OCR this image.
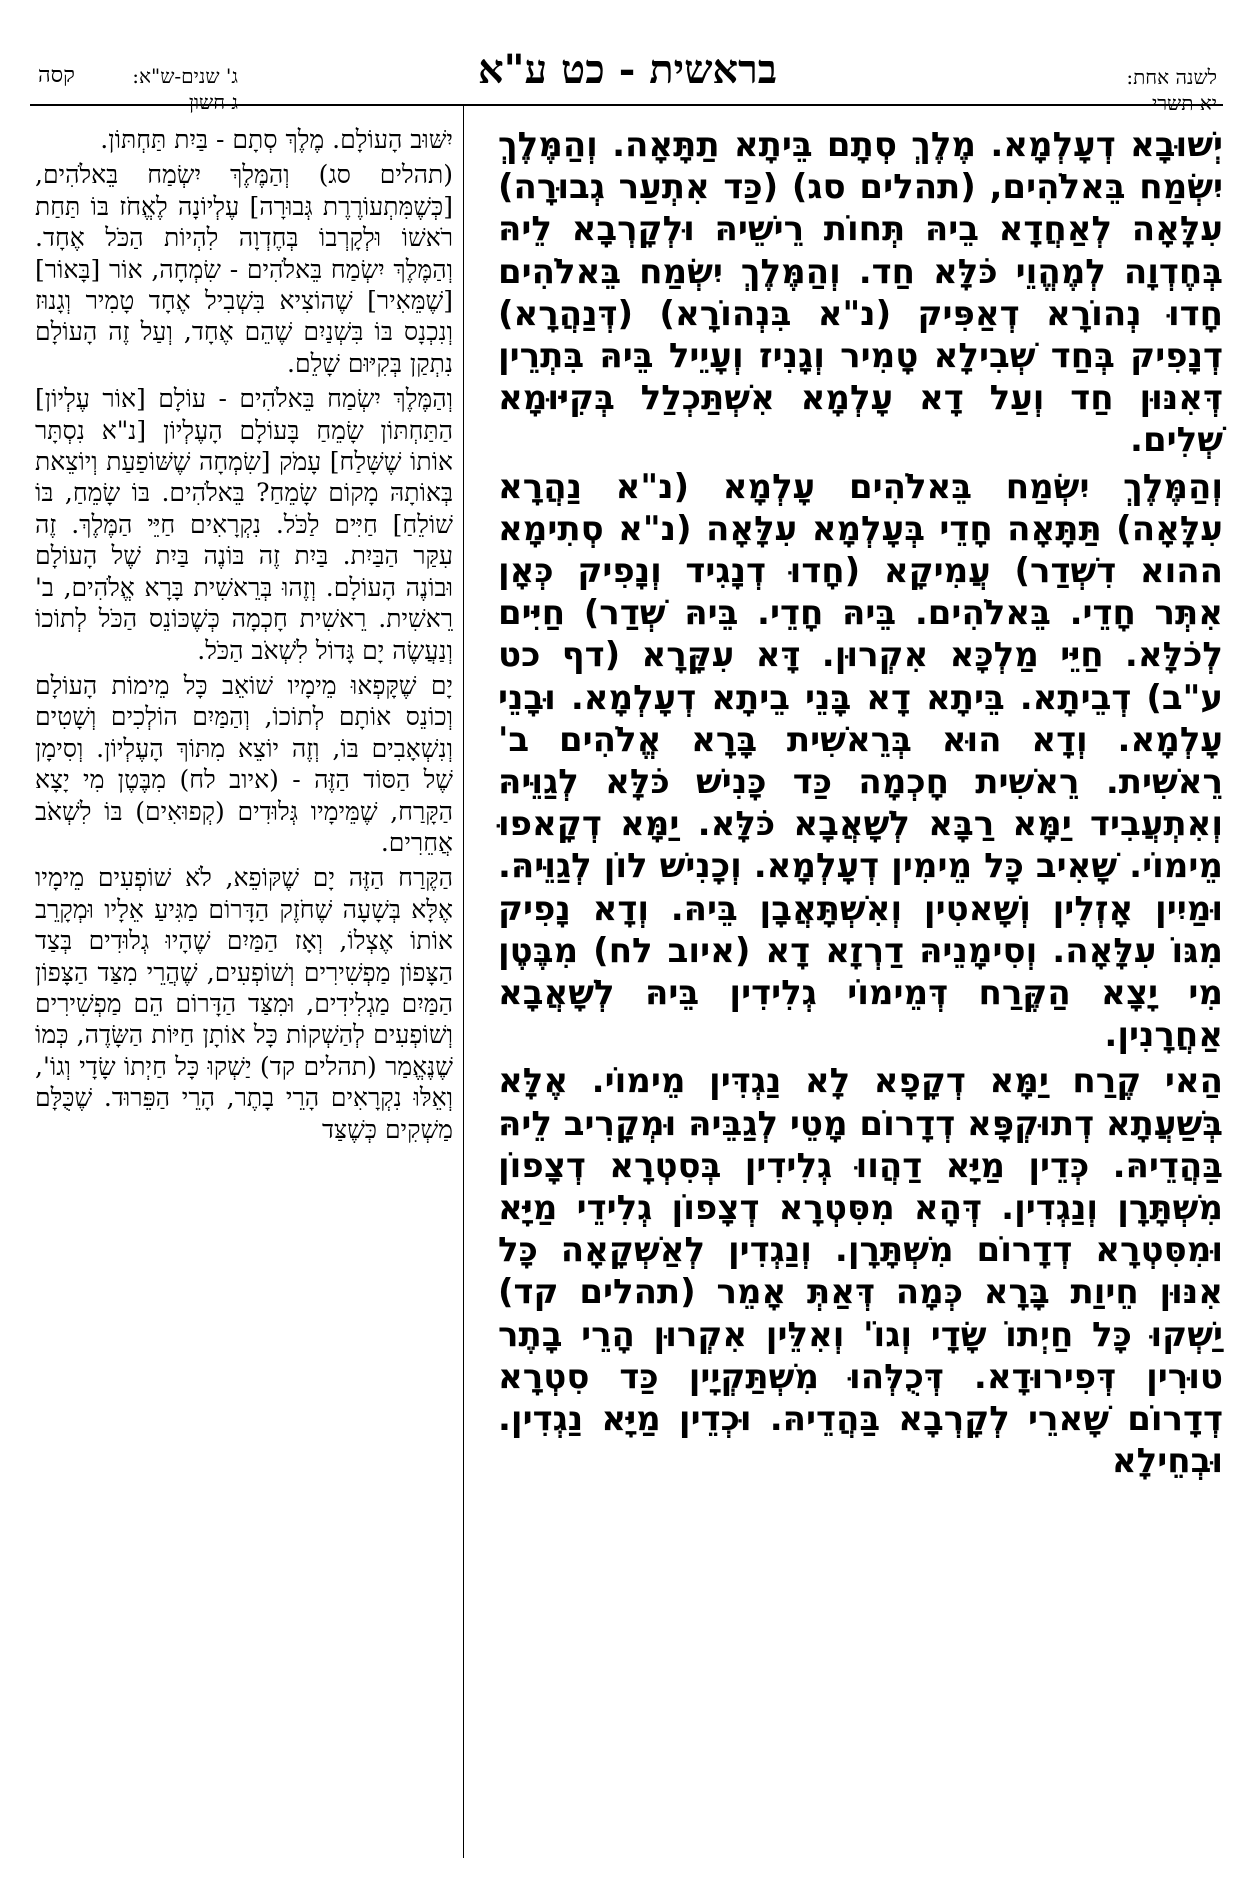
לשנה אחת:
יא תשרי
בראשית - כט ע"א
קסה	ג' שנים-ש"א:
ג חשון

יְשׁוּבָא דְעָלְמָא. מֶלֶךְ סְתָם בֵּיתָא תַתָּאָה. וְהַמֶּלֶךְ יִשְׂמַח בֵּאלֹהִים, (תהלים סג) (כַּד אִתְעַר גְבוּרָה) עִלָּאָה לְאַחֲדָא בֵיהּ תְּחוֹת רֵישֵׁיהּ וּלְקָרְבָא לֵיהּ בְּחֶדְוָה לְמֶהֱוֵי כֹּלָּא חַד. וְהַמֶּלֶךְ יִשְׂמַח בֵּאלֹהִים חָדוּ נְהוֹרָא דְאַפִּיק (נ"א בִּנְהוֹרָא) (דְּנַהֲרָא) דְנָפִיק בְּחַד שְׁבִילָא טָמִיר וְגָנִיז וְעָיֵיל בֵּיהּ בִּתְרֵין דְּאִנּוּן חַד וְעַל דָא עָלְמָא אִשְׁתַּכְלַל בְּקִיּוּמָא שְׁלִים.

וְהַמֶּלֶךְ יִשְׂמַח בֵּאלֹהִים עָלְמָא (נ"א נַהֲרָא עִלָּאָה) תַּתָּאָה חָדֵי בְּעָלְמָא עִלָּאָה (נ"א סְתִימָא ההוא דִשְׁדַר) עֲמִיקָא (חָדוּ דְנָגִיד וְנָפִיק כְּאָן אִתְּר חָדֵי. בֵּאלֹהִים. בֵּיהּ חָדֵי. בֵּיהּ שְׁדַר) חַיִּים לְכֹלָּא. חַיֵּי מַלְכָּא אִקְרוּן. דָּא עִקָּרָא (דף כט ע"ב) דְבֵיתָא. בֵּיתָא דָא בָּנֵי בֵיתָא דְעָלְמָא. וּבָנֵי עָלְמָא. וְדָא הוּא בְּרֵאשִׁית בָּרָא אֱלֹהִים ב' רֵאשִׁית. רֵאשִׁית חָכְמָה כַּד כָּנִישׁ כֹּלָּא לְגַוֵּיהּ וְאִתְעֲבִיד יַמָּא רַבָּא לְשָׁאֲבָא כֹּלָּא. יַמָּא דְקָאפוּ מֵימוֹי. שָׁאִיב כָּל מֵימִין דְעָלְמָא. וְכָנִישׁ לוֹן לְגַוֵּיהּ. וּמַיִין אָזְלִין וְשָׁאטִין וְאִשְׁתָּאֲבָן בֵּיהּ. וְדָא נָפִיק מִגּוֹ עִלָּאָה. וְסִימָנֵיהּ דַרְזָא דָא (איוב לח) מִבֶּטֶן מִי יָצָא הַקֶּרַח דְּמֵימוֹי גְלִידִין בֵּיהּ לְשָׁאֲבָא אַחֲרָנִין.

הַאי קֶרַח יַמָּא דְקָפָא לָא נַגְדִּין מֵימוֹי. אֶלָּא בְּשַׁעֲתָא דְתוּקְפָּא דְדָרוֹם מָטֵי לְגַבֵּיהּ וּמְקָרִיב לֵיהּ בַּהֲדֵיהּ. כְּדֵין מַיָּא דַהֲווּ גְלִידִין בְּסִטְרָא דְצָפוֹן מִשְׁתָּרָן וְנַגְדִין. דְּהָא מִסִּטְרָא דְצָפוֹן גְלִידֵי מַיָּא וּמִסִּטְרָא דְדָרוֹם מִשְׁתָּרָן. וְנַגְדִין לְאַשְׁקָאָה כָּל אִנּוּן חֵיוַת בָּרָא כְּמָה דְּאַתְּ אָמֵר (תהלים קד) יַשְׁקוּ כָּל חַיְתוֹ שָׂדָי וְגוֹ' וְאִלֵּין אִקְרוּן הָרֵי בָתֶר טוּרִין דְּפִירוּדָא. דְּכֻלְּהוּ מִשְׁתַּקְיָין כַּד סִטְרָא דְדָרוֹם שָׁארֵי לְקָרְבָא בַּהֲדֵיהּ. וּכְדֵין מַיָּא נַגְדִין. וּבְחֵילָא

יִשּׁוּב הָעוֹלָם. מֶלֶךְ סְתָם - בַּיִת תַּחְתּוֹן.

(תהלים סג) וְהַמֶּלֶךְ יִשְׂמַח בֵּאלֹהִים, [כְּשֶׁמִּתְעוֹרֶרֶת גְּבוּרָה] עֶלְיוֹנָה לֶאֱחֹז בּוֹ תַּחַת רֹאשׁוֹ וּלְקָרְבוֹ בְּחֶדְוָה לִהְיוֹת הַכֹּל אֶחָד. וְהַמֶּלֶךְ יִשְׂמַח בֵּאלֹהִים - שִׂמְחָה, אוֹר [בָּאוֹר] [שֶׁמֵּאִיר] שֶׁהוֹצִיא בִּשְׁבִיל אֶחָד טָמִיר וְגָנוּז וְנִכְנָס בּוֹ בִּשְׁנַיִם שֶׁהֵם אֶחָד, וְעַל זֶה הָעוֹלָם נִתְקַן בְּקִיּוּם שָׁלֵם.

וְהַמֶּלֶךְ יִשְׂמַח בֵּאלֹהִים - עוֹלָם [אוֹר עֶלְיוֹן] הַתַּחְתּוֹן שָׂמֵחַ בָּעוֹלָם הָעֶלְיוֹן [נ"א נִסְתָּר אוֹתוֹ שֶׁשָּׁלַח] עָמֹק [שִׂמְחָה שֶׁשּׁוֹפַעַת וְיוֹצֵאת בְּאוֹתָהּ מָקוֹם שָׂמֵחַ? בֵּאלֹהִים. בּוֹ שָׂמֵחַ, בּוֹ שׁוֹלֵחַ] חַיִּים לַכֹּל. נִקְרָאִים חַיֵּי הַמֶּלֶךְ. זֶה עִקַּר הַבַּיִת. בַּיִת זֶה בּוֹנֶה בַּיִת שֶׁל הָעוֹלָם וּבוֹנֶה הָעוֹלָם. וְזֶהוּ בְּרֵאשִׁית בָּרָא אֱלֹהִים, ב' רֵאשִׁית. רֵאשִׁית חָכְמָה כְּשֶׁכּוֹנֵס הַכֹּל לְתוֹכוֹ וְנַעֲשֶׂה יָם גָּדוֹל לִשְׁאֹב הַכֹּל.

יָם שֶׁקָּפְאוּ מֵימָיו שׁוֹאֵב כָּל מֵימוֹת הָעוֹלָם וְכוֹנֵס אוֹתָם לְתוֹכוֹ, וְהַמַּיִם הוֹלְכִים וְשָׁטִים וְנִשְׁאָבִים בּוֹ, וְזֶה יוֹצֵא מִתּוֹךְ הָעֶלְיוֹן. וְסִימָן שֶׁל הַסּוֹד הַזֶּה - (איוב לח) מִבֶּטֶן מִי יָצָא הַקָּרַח, שֶׁמֵּימָיו גְּלוּדִים (קְפוּאִים) בּוֹ לִשְׁאֹב אֲחֵרִים.

הַקֶּרַח הַזֶּה יָם שֶׁקּוֹפֵא, לֹא שׁוֹפְעִים מֵימָיו אֶלָּא בְּשָׁעָה שֶׁחֹזֶק הַדָּרוֹם מַגִּיעַ אֵלָיו וּמְקָרֵב אוֹתוֹ אֶצְלוֹ, וְאָז הַמַּיִם שֶׁהָיוּ גְלוּדִים בְּצַד הַצָּפוֹן מַפְשִׁירִים וְשׁוֹפְעִים, שֶׁהֲרֵי מִצַּד הַצָּפוֹן הַמַּיִם מַגְלִידִים, וּמִצַּד הַדָּרוֹם הֵם מַפְשִׁירִים וְשׁוֹפְעִים לְהַשְׁקוֹת כָּל אוֹתָן חַיּוֹת הַשָּׂדֶה, כְּמוֹ שֶׁנֶּאֱמַר (תהלים קד) יַשְׁקוּ כָּל חַיְתוֹ שָׂדָי וְגוֹ', וְאֵלּוּ נִקְרָאִים הָרֵי בָתֶר, הָרֵי הַפֵּרוּד. שֶׁכֻּלָּם מַשְׁקִים כְּשֶׁצַּד
